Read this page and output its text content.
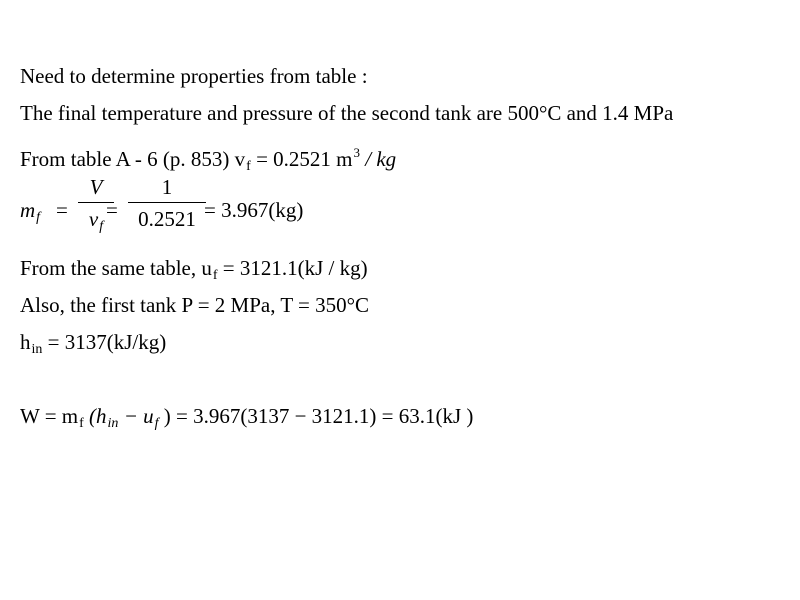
Need to determine properties from table :
The final temperature and pressure of the second tank are 500°C and 1.4 MPa
From table A - 6 (p. 853) $v_f = 0.2521$ $m^3$ / kg
$m_f$ =
V
$v_f$
=
1
0.2521 = 3.967(kg)
From the same table, $u_f = 3121.1(kJ / kg)$
Also, the first tank P = 2 MPa, T = 350°C
$h_{in} = 3137(kJ/kg)$
$W = m_f$ ($h_{in} - u_f$ ) = 3.967(3137 − 3121.1) = 63.1(kJ )
